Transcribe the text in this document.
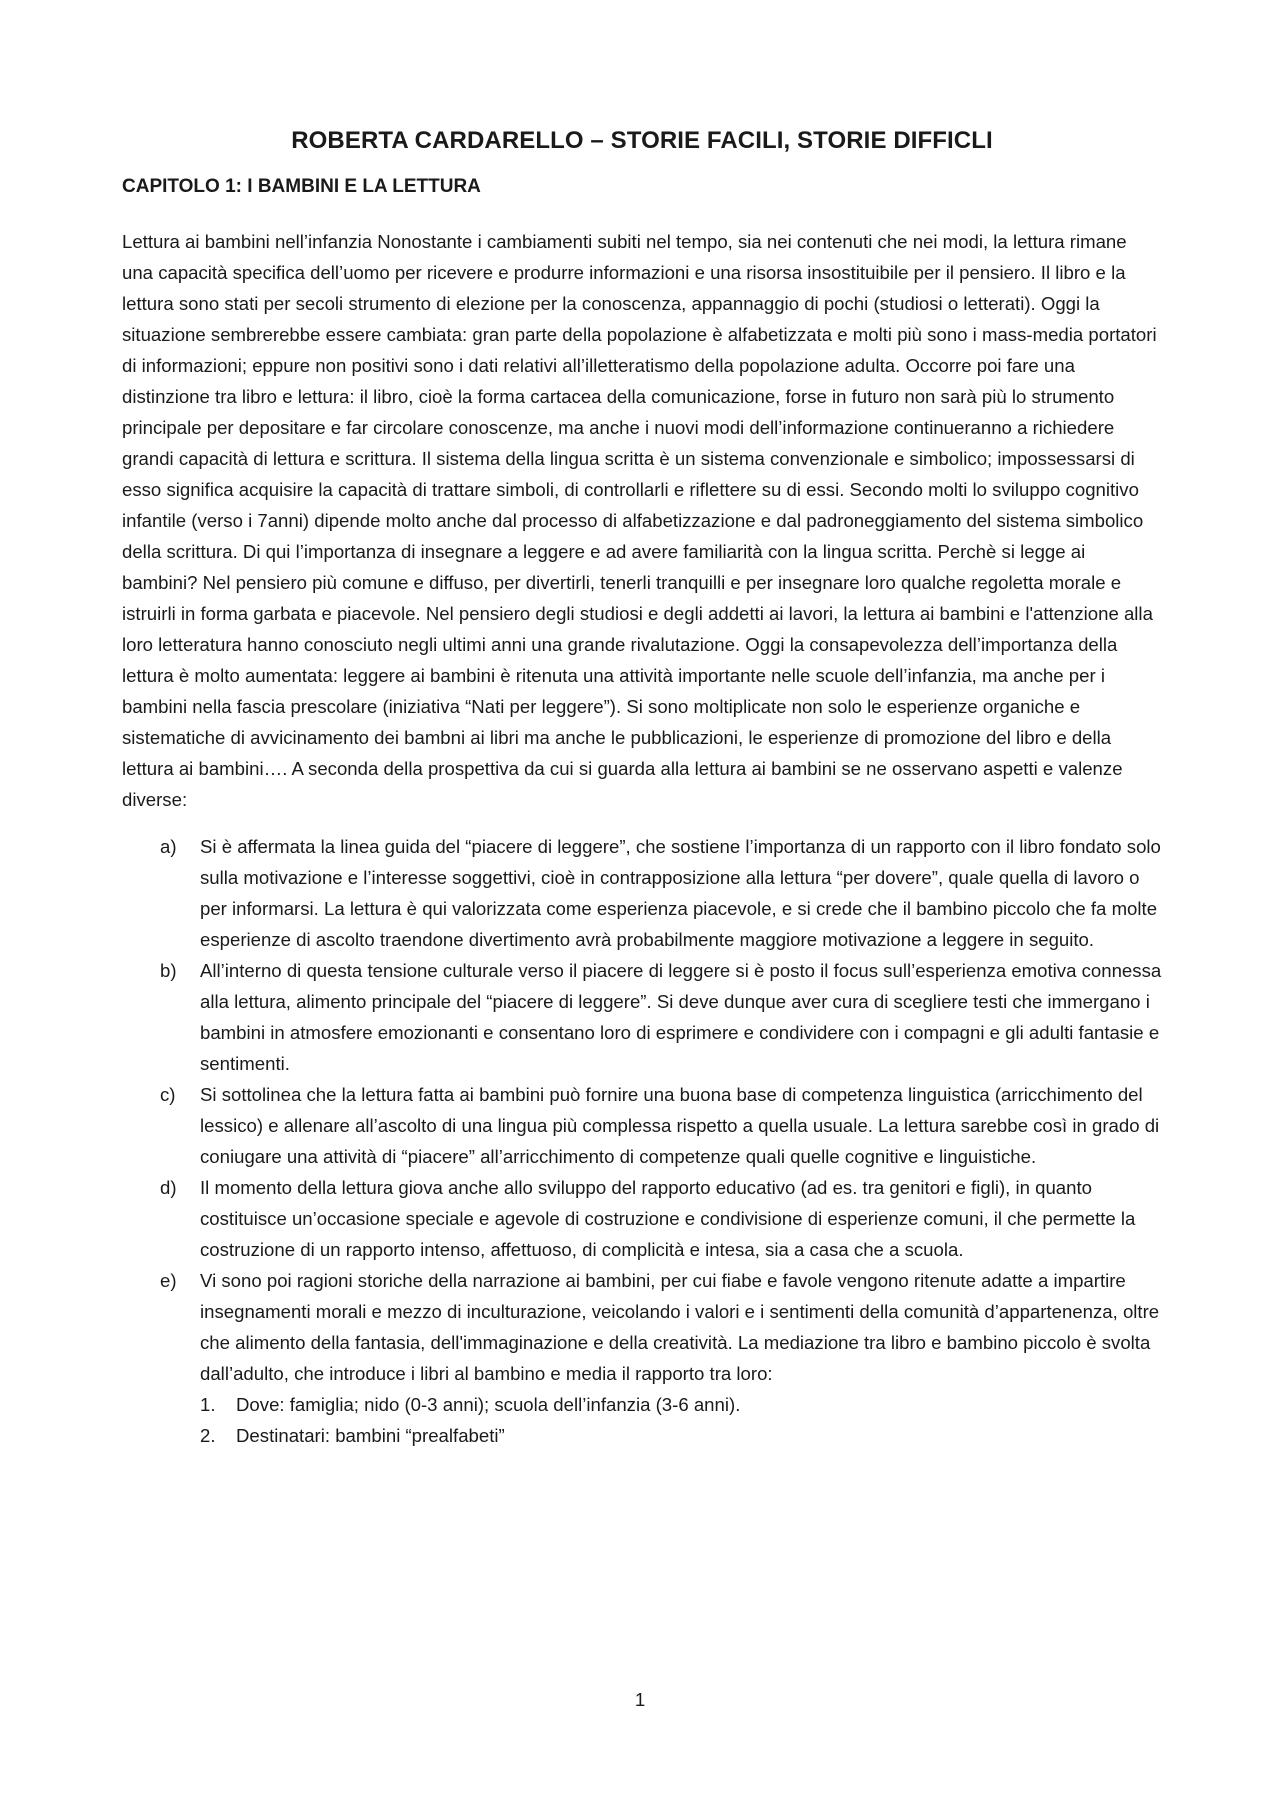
ROBERTA CARDARELLO – STORIE FACILI, STORIE DIFFICLI
CAPITOLO 1: I BAMBINI E LA LETTURA

Lettura ai bambini nell’infanzia Nonostante i cambiamenti subiti nel tempo, sia nei contenuti che nei modi, la lettura rimane una capacità specifica dell’uomo per ricevere e produrre informazioni e una risorsa insostituibile per il pensiero. Il libro e la lettura sono stati per secoli strumento di elezione per la conoscenza, appannaggio di pochi (studiosi o letterati). Oggi la situazione sembrerebbe essere cambiata: gran parte della popolazione è alfabetizzata e molti più sono i mass-media portatori di informazioni; eppure non positivi sono i dati relativi all’illetteratismo della popolazione adulta. Occorre poi fare una distinzione tra libro e lettura: il libro, cioè la forma cartacea della comunicazione, forse in futuro non sarà più lo strumento principale per depositare e far circolare conoscenze, ma anche i nuovi modi dell’informazione continueranno a richiedere grandi capacità di lettura e scrittura. Il sistema della lingua scritta è un sistema convenzionale e simbolico; impossessarsi di esso significa acquisire la capacità di trattare simboli, di controllarli e riflettere su di essi. Secondo molti lo sviluppo cognitivo infantile (verso i 7anni) dipende molto anche dal processo di alfabetizzazione e dal padroneggiamento del sistema simbolico della scrittura. Di qui l’importanza di insegnare a leggere e ad avere familiarità con la lingua scritta. Perchè si legge ai bambini? Nel pensiero più comune e diffuso, per divertirli, tenerli tranquilli e per insegnare loro qualche regoletta morale e istruirli in forma garbata e piacevole. Nel pensiero degli studiosi e degli addetti ai lavori, la lettura ai bambini e l'attenzione alla loro letteratura hanno conosciuto negli ultimi anni una grande rivalutazione. Oggi la consapevolezza dell’importanza della lettura è molto aumentata: leggere ai bambini è ritenuta una attività importante nelle scuole dell’infanzia, ma anche per i bambini nella fascia prescolare (iniziativa “Nati per leggere”). Si sono moltiplicate non solo le esperienze organiche e sistematiche di avvicinamento dei bambni ai libri ma anche le pubblicazioni, le esperienze di promozione del libro e della lettura ai bambini…. A seconda della prospettiva da cui si guarda alla lettura ai bambini se ne osservano aspetti e valenze diverse:

a) Si è affermata la linea guida del “piacere di leggere”, che sostiene l’importanza di un rapporto con il libro fondato solo sulla motivazione e l’interesse soggettivi, cioè in contrapposizione alla lettura “per dovere”, quale quella di lavoro o per informarsi. La lettura è qui valorizzata come esperienza piacevole, e si crede che il bambino piccolo che fa molte esperienze di ascolto traendone divertimento avrà probabilmente maggiore motivazione a leggere in seguito.
b) All’interno di questa tensione culturale verso il piacere di leggere si è posto il focus sull’esperienza emotiva connessa alla lettura, alimento principale del “piacere di leggere”. Si deve dunque aver cura di scegliere testi che immergano i bambini in atmosfere emozionanti e consentano loro di esprimere e condividere con i compagni e gli adulti fantasie e sentimenti.
c) Si sottolinea che la lettura fatta ai bambini può fornire una buona base di competenza linguistica (arricchimento del lessico) e allenare all’ascolto di una lingua più complessa rispetto a quella usuale. La lettura sarebbe così in grado di coniugare una attività di “piacere” all’arricchimento di competenze quali quelle cognitive e linguistiche.
d) Il momento della lettura giova anche allo sviluppo del rapporto educativo (ad es. tra genitori e figli), in quanto costituisce un’occasione speciale e agevole di costruzione e condivisione di esperienze comuni, il che permette la costruzione di un rapporto intenso, affettuoso, di complicità e intesa, sia a casa che a scuola.
e) Vi sono poi ragioni storiche della narrazione ai bambini, per cui fiabe e favole vengono ritenute adatte a impartire insegnamenti morali e mezzo di inculturazione, veicolando i valori e i sentimenti della comunità d’appartenenza, oltre che alimento della fantasia, dell'immaginazione e della creatività. La mediazione tra libro e bambino piccolo è svolta dall’adulto, che introduce i libri al bambino e media il rapporto tra loro:
1. Dove: famiglia; nido (0-3 anni); scuola dell’infanzia (3-6 anni).
2. Destinatari: bambini “prealfabeti”
1
